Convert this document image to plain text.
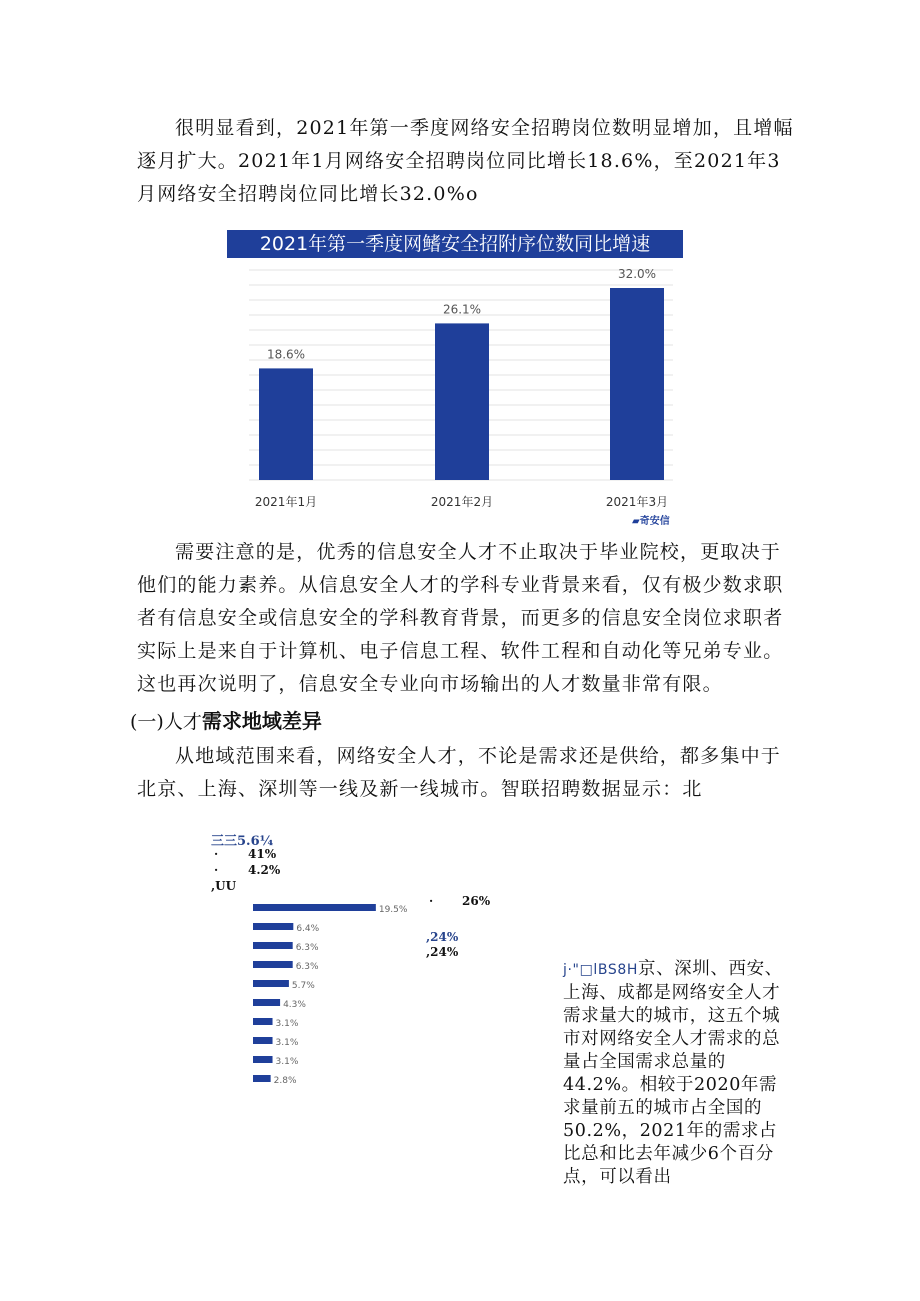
很明显看到，2021年第一季度网络安全招聘岗位数明显增加，且增幅逐月扩大。2021年1月网络安全招聘岗位同比增长18.6%，至2021年3月网络安全招聘岗位同比增长32.0%o

2021年第一季度网鳍安全招附序位数同比增速
18.6%
2021年1月
26.1%
2021年2月
32.0%
2021年3月
▰奇安信

需要注意的是，优秀的信息安全人才不止取决于毕业院校，更取决于他们的能力素养。从信息安全人才的学科专业背景来看，仅有极少数求职者有信息安全或信息安全的学科教育背景，而更多的信息安全岗位求职者实际上是来自于计算机、电子信息工程、软件工程和自动化等兄弟专业。这也再次说明了，信息安全专业向市场输出的人才数量非常有限。

(一)人才需求地域差异

从地域范围来看，网络安全人才，不论是需求还是供给，都多集中于北京、上海、深圳等一线及新一线城市。智联招聘数据显示：北

三三5.6¼
· 41%
· 4.2%
,UU
· 26%
,24%
,24%
19.5%
6.4%
6.3%
6.3%
5.7%
4.3%
3.1%
3.1%
3.1%
2.8%

j·"□lBS8H京、深圳、西安、上海、成都是网络安全人才需求量大的城市，这五个城市对网络安全人才需求的总量占全国需求总量的44.2%。相较于2020年需求量前五的城市占全国的50.2%，2021年的需求占比总和比去年减少6个百分点，可以看出
